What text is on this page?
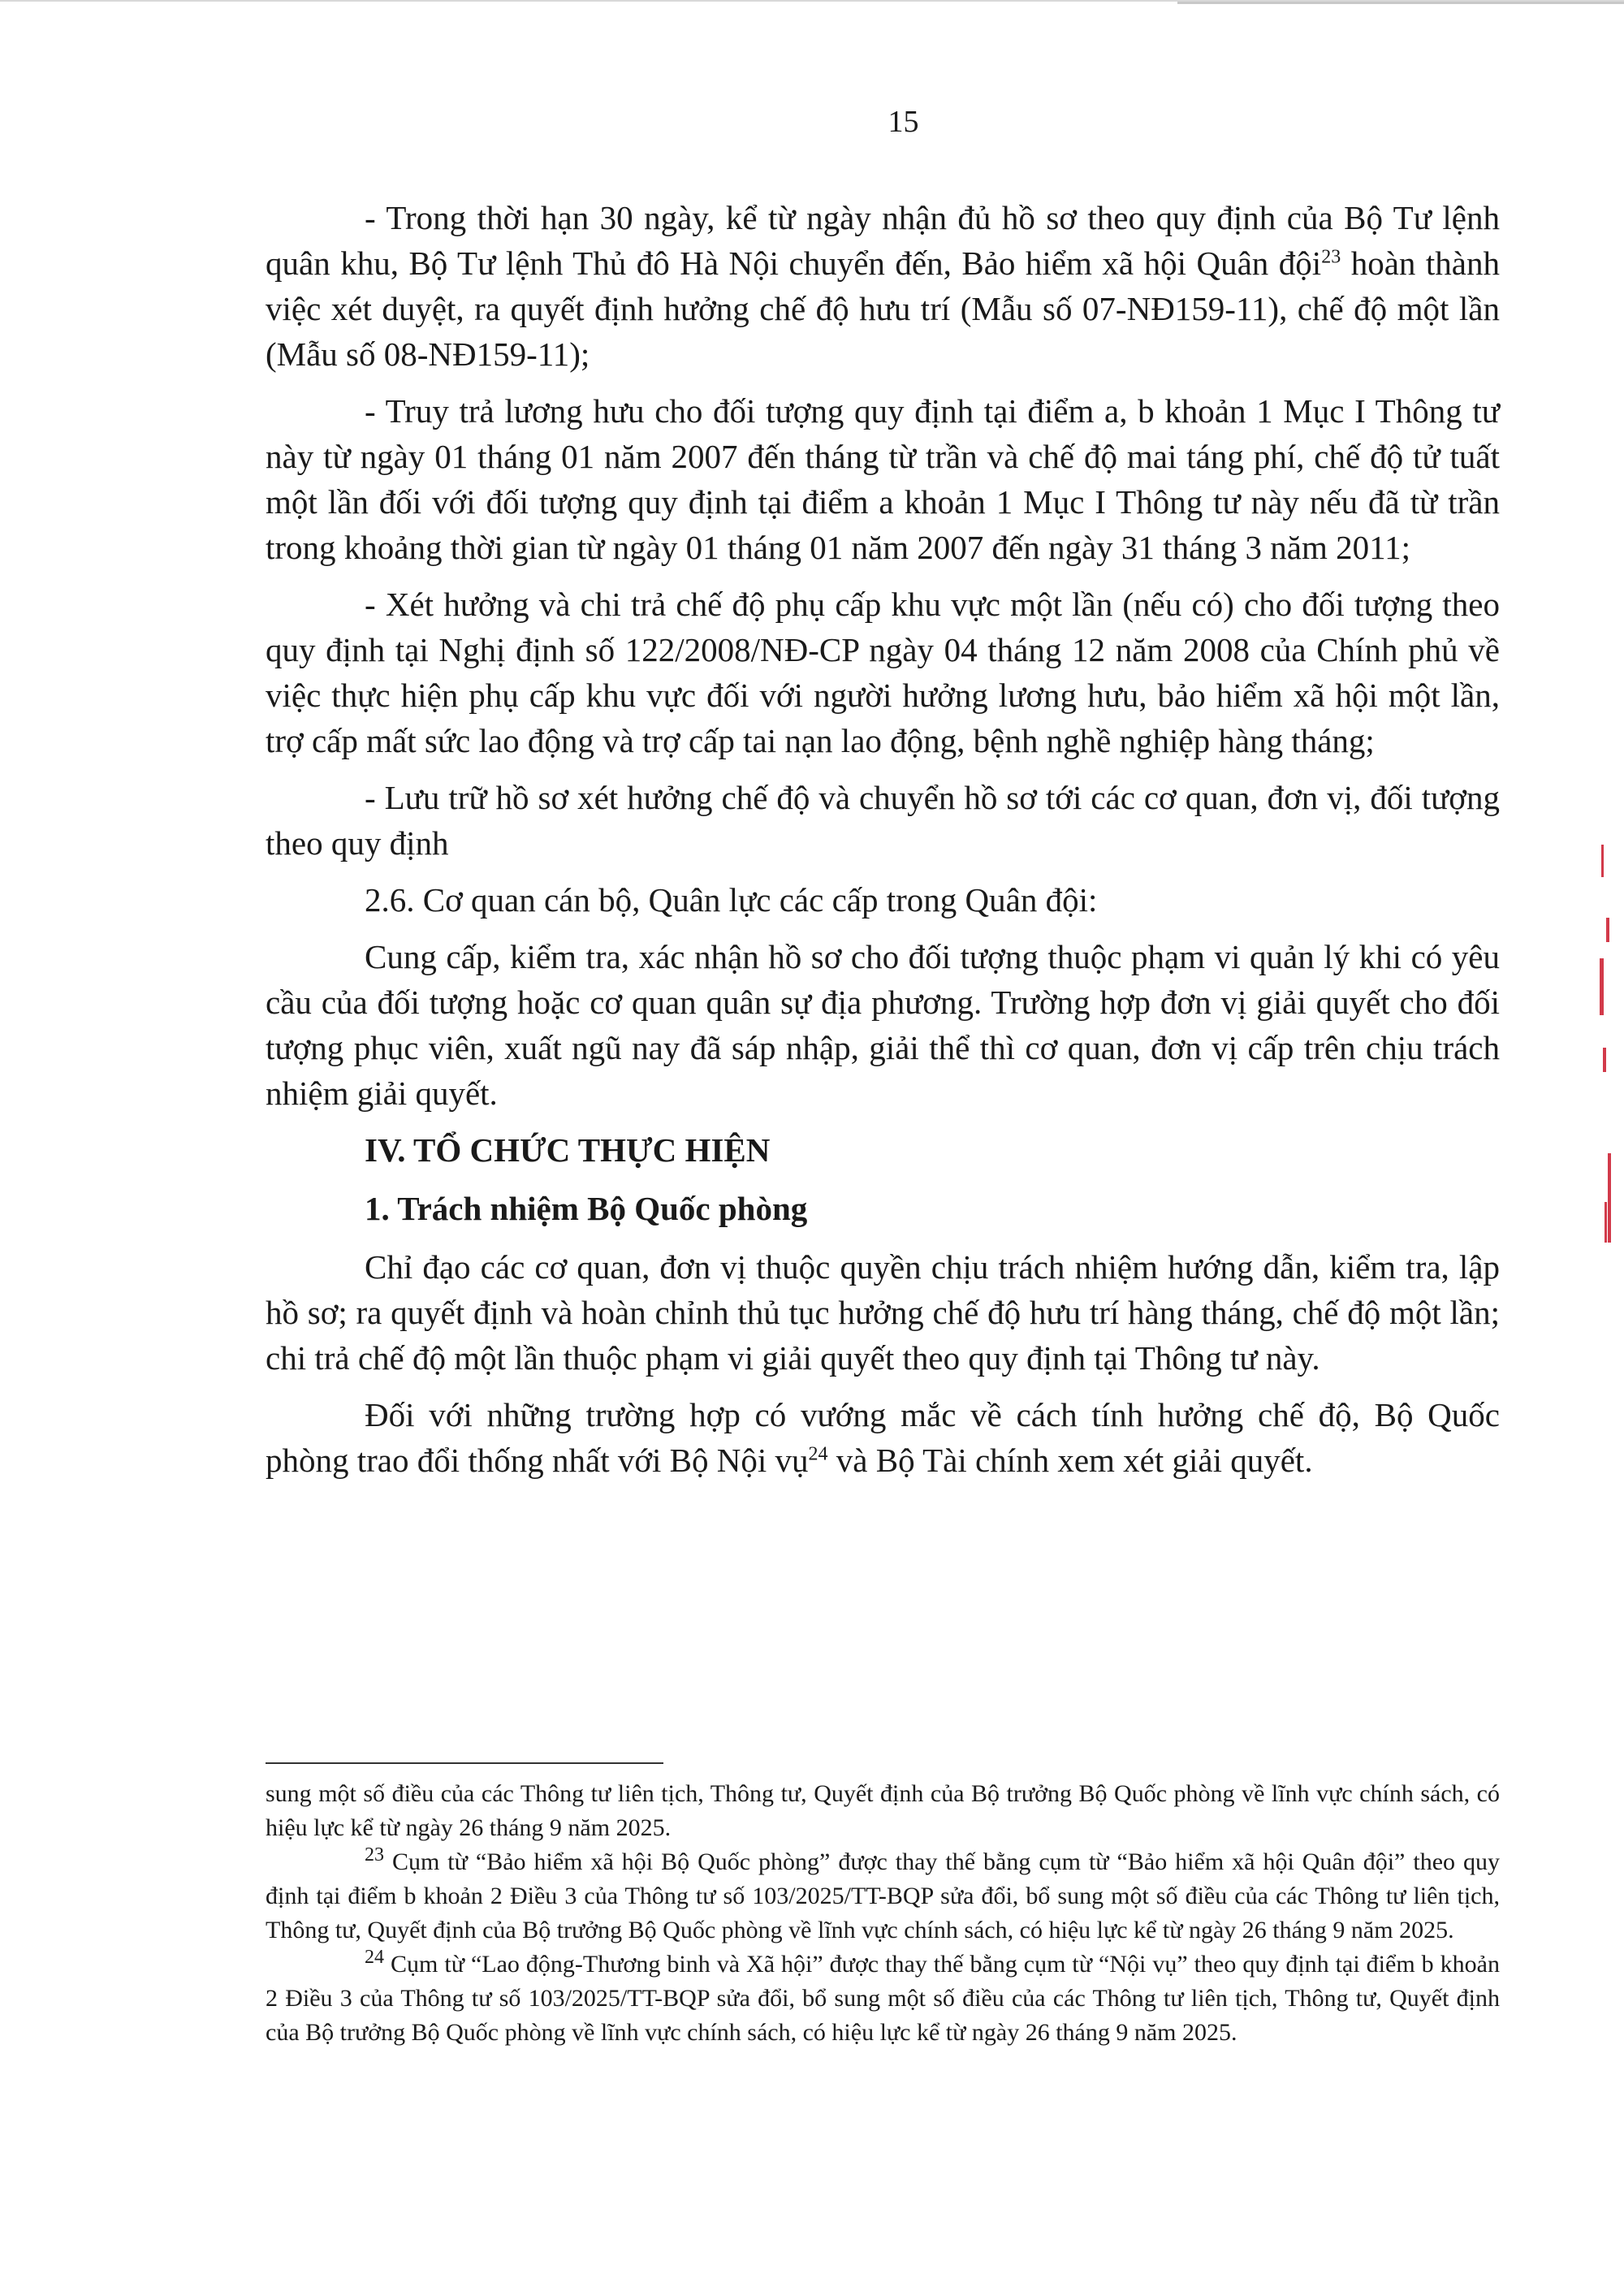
15

- Trong thời hạn 30 ngày, kể từ ngày nhận đủ hồ sơ theo quy định của Bộ Tư lệnh quân khu, Bộ Tư lệnh Thủ đô Hà Nội chuyển đến, Bảo hiểm xã hội Quân đội$^{23}$ hoàn thành việc xét duyệt, ra quyết định hưởng chế độ hưu trí (Mẫu số 07-NĐ159-11), chế độ một lần (Mẫu số 08-NĐ159-11);

- Truy trả lương hưu cho đối tượng quy định tại điểm a, b khoản 1 Mục I Thông tư này từ ngày 01 tháng 01 năm 2007 đến tháng từ trần và chế độ mai táng phí, chế độ tử tuất một lần đối với đối tượng quy định tại điểm a khoản 1 Mục I Thông tư này nếu đã từ trần trong khoảng thời gian từ ngày 01 tháng 01 năm 2007 đến ngày 31 tháng 3 năm 2011;

- Xét hưởng và chi trả chế độ phụ cấp khu vực một lần (nếu có) cho đối tượng theo quy định tại Nghị định số 122/2008/NĐ-CP ngày 04 tháng 12 năm 2008 của Chính phủ về việc thực hiện phụ cấp khu vực đối với người hưởng lương hưu, bảo hiểm xã hội một lần, trợ cấp mất sức lao động và trợ cấp tai nạn lao động, bệnh nghề nghiệp hàng tháng;

- Lưu trữ hồ sơ xét hưởng chế độ và chuyển hồ sơ tới các cơ quan, đơn vị, đối tượng theo quy định

2.6. Cơ quan cán bộ, Quân lực các cấp trong Quân đội:

Cung cấp, kiểm tra, xác nhận hồ sơ cho đối tượng thuộc phạm vi quản lý khi có yêu cầu của đối tượng hoặc cơ quan quân sự địa phương. Trường hợp đơn vị giải quyết cho đối tượng phục viên, xuất ngũ nay đã sáp nhập, giải thể thì cơ quan, đơn vị cấp trên chịu trách nhiệm giải quyết.

IV. TỔ CHỨC THỰC HIỆN
1. Trách nhiệm Bộ Quốc phòng

Chỉ đạo các cơ quan, đơn vị thuộc quyền chịu trách nhiệm hướng dẫn, kiểm tra, lập hồ sơ; ra quyết định và hoàn chỉnh thủ tục hưởng chế độ hưu trí hàng tháng, chế độ một lần; chi trả chế độ một lần thuộc phạm vi giải quyết theo quy định tại Thông tư này.

Đối với những trường hợp có vướng mắc về cách tính hưởng chế độ, Bộ Quốc phòng trao đổi thống nhất với Bộ Nội vụ$^{24}$ và Bộ Tài chính xem xét giải quyết.

sung một số điều của các Thông tư liên tịch, Thông tư, Quyết định của Bộ trưởng Bộ Quốc phòng về lĩnh vực chính sách, có hiệu lực kể từ ngày 26 tháng 9 năm 2025.

$^{23}$ Cụm từ “Bảo hiểm xã hội Bộ Quốc phòng” được thay thế bằng cụm từ “Bảo hiểm xã hội Quân đội” theo quy định tại điểm b khoản 2 Điều 3 của Thông tư số 103/2025/TT-BQP sửa đổi, bổ sung một số điều của các Thông tư liên tịch, Thông tư, Quyết định của Bộ trưởng Bộ Quốc phòng về lĩnh vực chính sách, có hiệu lực kể từ ngày 26 tháng 9 năm 2025.

$^{24}$ Cụm từ “Lao động-Thương binh và Xã hội” được thay thế bằng cụm từ “Nội vụ” theo quy định tại điểm b khoản 2 Điều 3 của Thông tư số 103/2025/TT-BQP sửa đổi, bổ sung một số điều của các Thông tư liên tịch, Thông tư, Quyết định của Bộ trưởng Bộ Quốc phòng về lĩnh vực chính sách, có hiệu lực kể từ ngày 26 tháng 9 năm 2025.
